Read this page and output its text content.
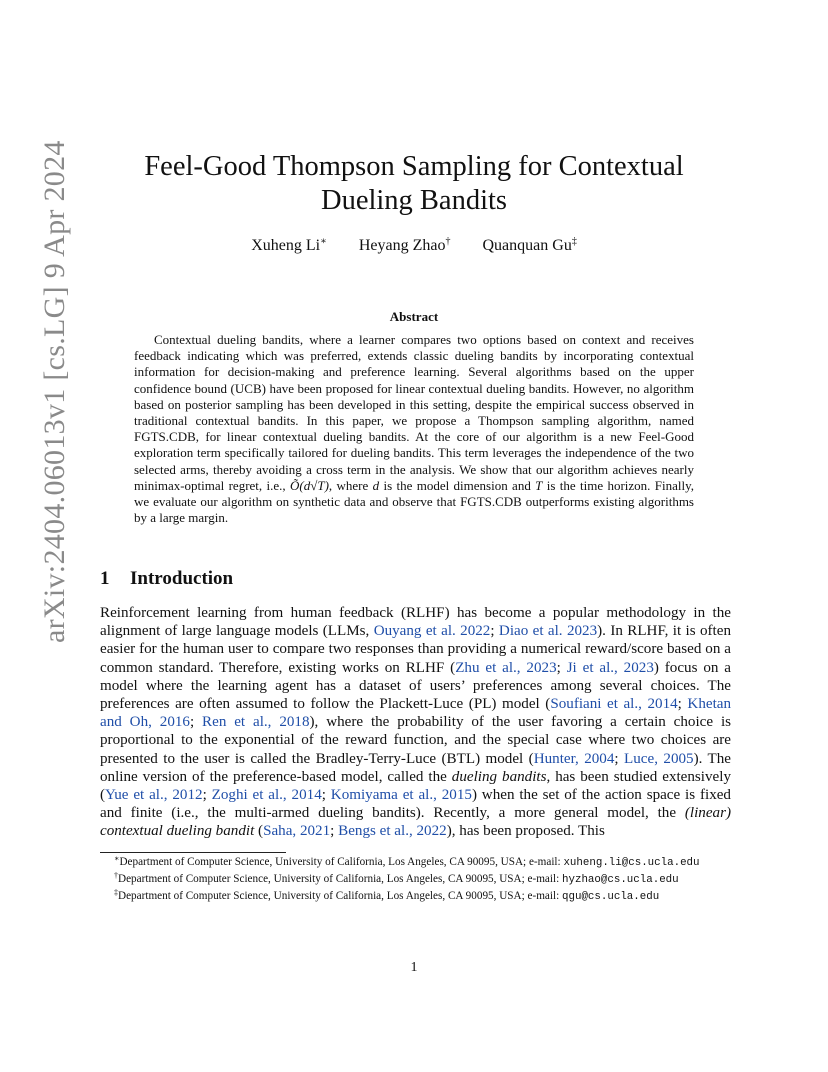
arXiv:2404.06013v1 [cs.LG] 9 Apr 2024	Feel-Good Thompson Sampling for Contextual Dueling Bandits
Xuheng Li∗ Heyang Zhao† Quanquan Gu‡
Abstract

Contextual dueling bandits, where a learner compares two options based on context and receives feedback indicating which was preferred, extends classic dueling bandits by incorporating contextual information for decision-making and preference learning. Several algorithms based on the upper confidence bound (UCB) have been proposed for linear contextual dueling bandits. However, no algorithm based on posterior sampling has been developed in this setting, despite the empirical success observed in traditional contextual bandits. In this paper, we propose a Thompson sampling algorithm, named FGTS.CDB, for linear contextual dueling bandits. At the core of our algorithm is a new Feel-Good exploration term specifically tailored for dueling bandits. This term leverages the independence of the two selected arms, thereby avoiding a cross term in the analysis. We show that our algorithm achieves nearly minimax-optimal regret, i.e., Õ(d√T), where d is the model dimension and T is the time horizon. Finally, we evaluate our algorithm on synthetic data and observe that FGTS.CDB outperforms existing algorithms by a large margin.

1 Introduction

Reinforcement learning from human feedback (RLHF) has become a popular methodology in the alignment of large language models (LLMs, Ouyang et al. 2022; Diao et al. 2023). In RLHF, it is often easier for the human user to compare two responses than providing a numerical reward/score based on a common standard. Therefore, existing works on RLHF (Zhu et al., 2023; Ji et al., 2023) focus on a model where the learning agent has a dataset of users’ preferences among several choices. The preferences are often assumed to follow the Plackett-Luce (PL) model (Soufiani et al., 2014; Khetan and Oh, 2016; Ren et al., 2018), where the probability of the user favoring a certain choice is proportional to the exponential of the reward function, and the special case where two choices are presented to the user is called the Bradley-Terry-Luce (BTL) model (Hunter, 2004; Luce, 2005). The online version of the preference-based model, called the dueling bandits, has been studied extensively (Yue et al., 2012; Zoghi et al., 2014; Komiyama et al., 2015) when the set of the action space is fixed and finite (i.e., the multi-armed dueling bandits). Recently, a more general model, the (linear) contextual dueling bandit (Saha, 2021; Bengs et al., 2022), has been proposed. This

∗Department of Computer Science, University of California, Los Angeles, CA 90095, USA; e-mail: xuheng.li@cs.ucla.edu

†Department of Computer Science, University of California, Los Angeles, CA 90095, USA; e-mail: hyzhao@cs.ucla.edu

‡Department of Computer Science, University of California, Los Angeles, CA 90095, USA; e-mail: qgu@cs.ucla.edu

1
